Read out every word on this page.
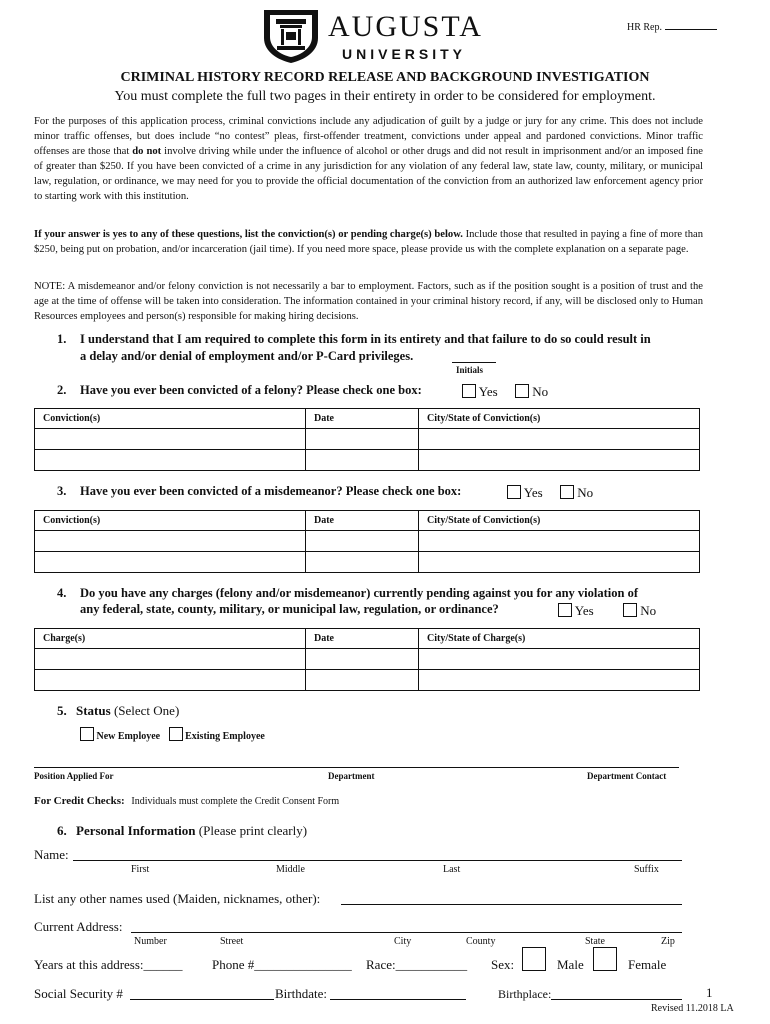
AUGUSTA
UNIVERSITY
HR Rep.
CRIMINAL HISTORY RECORD RELEASE AND BACKGROUND INVESTIGATION
You must complete the full two pages in their entirety in order to be considered for employment.

For the purposes of this application process, criminal convictions include any adjudication of guilt by a judge or jury for any crime. This does not include minor traffic offenses, but does include “no contest” pleas, first-offender treatment, convictions under appeal and pardoned convictions. Minor traffic offenses are those that do not involve driving while under the influence of alcohol or other drugs and did not result in imprisonment and/or an imposed fine of greater than $250. If you have been convicted of a crime in any jurisdiction for any violation of any federal law, state law, county, military, or municipal law, regulation, or ordinance, we may need for you to provide the official documentation of the conviction from an authorized law enforcement agency prior to starting work with this institution.

If your answer is yes to any of these questions, list the conviction(s) or pending charge(s) below. Include those that resulted in paying a fine of more than $250, being put on probation, and/or incarceration (jail time). If you need more space, please provide us with the complete explanation on a separate page.

NOTE: A misdemeanor and/or felony conviction is not necessarily a bar to employment. Factors, such as if the position sought is a position of trust and the age at the time of offense will be taken into consideration. The information contained in your criminal history record, if any, will be disclosed only to Human Resources employees and person(s) responsible for making hiring decisions.

1. I understand that I am required to complete this form in its entirety and that failure to do so could result in
a delay and/or denial of employment and/or P-Card privileges.
Initials
2. Have you ever been convicted of a felony? Please check one box:	Yes	No
Conviction(s)	Date	City/State of Conviction(s)

3. Have you ever been convicted of a misdemeanor? Please check one box:	Yes	No
Conviction(s)	Date	City/State of Conviction(s)

4. Do you have any charges (felony and/or misdemeanor) currently pending against you for any violation of
any federal, state, county, military, or municipal law, regulation, or ordinance?	Yes	No
Charge(s)	Date	City/State of Charge(s)

5. Status (Select One)
New Employee	Existing Employee
Position Applied For	Department	Department Contact
For Credit Checks: Individuals must complete the Credit Consent Form
6. Personal Information (Please print clearly)
Name:
First	Middle	Last	Suffix
List any other names used (Maiden, nicknames, other):
Current Address:
Number	Street	City	County	State	Zip
Years at this address:______ Phone #_______________ Race:___________ Sex:	Male	Female
Social Security #	Birthdate:	Birthplace:	1
Revised 11.2018 LA
